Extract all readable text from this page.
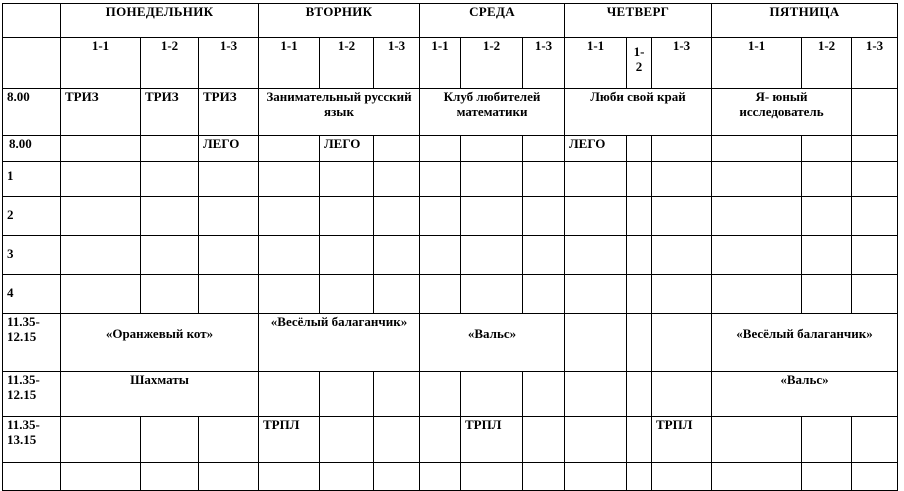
	ПОНЕДЕЛЬНИК			ВТОРНИК			СРЕДА			ЧЕТВЕРГ			ПЯТНИЦА		
	1-1	1-2	1-3	1-1	1-2	1-3	1-1	1-2	1-3	1-1	1-
2	1-3	1-1	1-2	1-3
8.00	ТРИЗ	ТРИЗ	ТРИЗ	Занимательный русский язык			Клуб любителей математики			Люби свой край			Я- юный исследователь		
8.00			ЛЕГО		ЛЕГО					ЛЕГО					
1															
2															
3															
4															
11.35-
12.15	«Оранжевый кот»			«Весёлый балаганчик»			«Вальс»						«Весёлый балаганчик»		
11.35-
12.15	Шахматы												«Вальс»		
11.35-
13.15				ТРПЛ				ТРПЛ				ТРПЛ			
